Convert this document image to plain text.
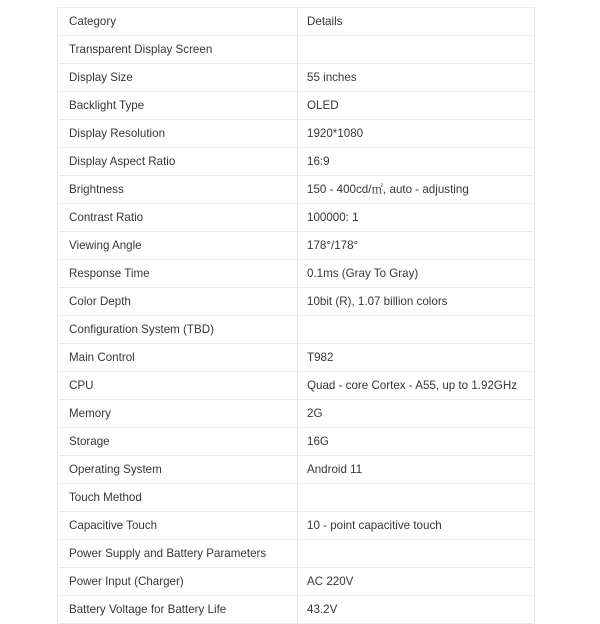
Category	Details
Transparent Display Screen	
Display Size	55 inches
Backlight Type	OLED
Display Resolution	1920*1080
Display Aspect Ratio	16:9
Brightness	150 - 400cd/㎡, auto - adjusting
Contrast Ratio	100000: 1
Viewing Angle	178°/178°
Response Time	0.1ms (Gray To Gray)
Color Depth	10bit (R), 1.07 billion colors
Configuration System (TBD)	
Main Control	T982
CPU	Quad - core Cortex - A55, up to 1.92GHz
Memory	2G
Storage	16G
Operating System	Android 11
Touch Method	
Capacitive Touch	10 - point capacitive touch
Power Supply and Battery Parameters	
Power Input (Charger)	AC 220V
Battery Voltage for Battery Life	43.2V
